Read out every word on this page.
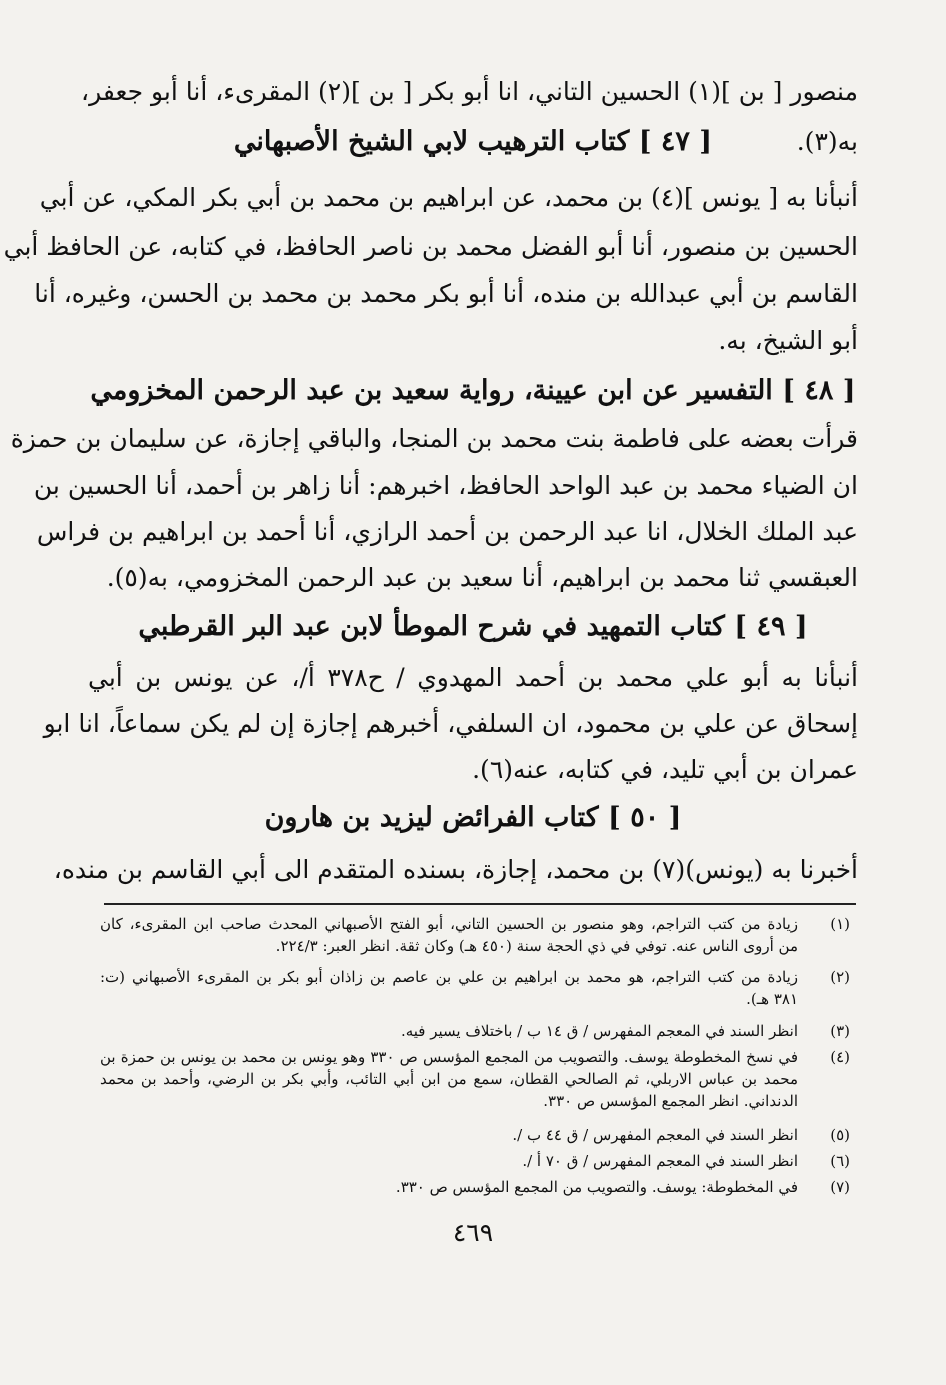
منصور [ بن ](١) الحسين التاني، انا أبو بكر [ بن ](٢) المقرىء، أنا أبو جعفر،
به(٣).
[ ٤٧ ] كتاب الترهيب لابي الشيخ الأصبهاني
أنبأنا به [ يونس ](٤) بن محمد، عن ابراهيم بن محمد بن أبي بكر المكي، عن أبي
الحسين بن منصور، أنا أبو الفضل محمد بن ناصر الحافظ، في كتابه، عن الحافظ أبي
القاسم بن أبي عبدالله بن منده، أنا أبو بكر محمد بن محمد بن الحسن، وغيره، أنا
أبو الشيخ، به.
[ ٤٨ ] التفسير عن ابن عيينة، رواية سعيد بن عبد الرحمن المخزومي
قرأت بعضه على فاطمة بنت محمد بن المنجا، والباقي إجازة، عن سليمان بن حمزة
ان الضياء محمد بن عبد الواحد الحافظ، اخبرهم: أنا زاهر بن أحمد، أنا الحسين بن
عبد الملك الخلال، انا عبد الرحمن بن أحمد الرازي، أنا أحمد بن ابراهيم بن فراس
العبقسي ثنا محمد بن ابراهيم، أنا سعيد بن عبد الرحمن المخزومي، به(٥).
[ ٤٩ ] كتاب التمهيد في شرح الموطأ لابن عبد البر القرطبي
أنبأنا به أبو علي محمد بن أحمد المهدوي / ح٣٧٨ أ/، عن يونس بن أبي
إسحاق عن علي بن محمود، ان السلفي، أخبرهم إجازة إن لم يكن سماعاً، انا ابو
عمران بن أبي تليد، في كتابه، عنه(٦).
[ ٥٠ ] كتاب الفرائض ليزيد بن هارون
أخبرنا به (يونس)(٧) بن محمد، إجازة، بسنده المتقدم الى أبي القاسم بن منده،
(١)
زيادة من كتب التراجم، وهو منصور بن الحسين التاني، أبو الفتح الأصبهاني المحدث صاحب ابن المقرىء، كان
من أروى الناس عنه. توفي في ذي الحجة سنة (٤٥٠ هـ) وكان ثقة. انظر العبر: ٢٢٤/٣.
(٢)
زيادة من كتب التراجم، هو محمد بن ابراهيم بن علي بن عاصم بن زاذان أبو بكر بن المقرىء الأصبهاني (ت:
٣٨١ هـ).
(٣)
انظر السند في المعجم المفهرس / ق ١٤ ب / باختلاف يسير فيه.
(٤)
في نسخ المخطوطة يوسف. والتصويب من المجمع المؤسس ص ٣٣٠ وهو يونس بن محمد بن يونس بن حمزة بن
محمد بن عباس الاربلي، ثم الصالحي القطان، سمع من ابن أبي التائب، وأبي بكر بن الرضي، وأحمد بن محمد
الدنداني. انظر المجمع المؤسس ص ٣٣٠.
(٥)
انظر السند في المعجم المفهرس / ق ٤٤ ب /.
(٦)
انظر السند في المعجم المفهرس / ق ٧٠ أ /.
(٧)
في المخطوطة: يوسف. والتصويب من المجمع المؤسس ص ٣٣٠.
٤٦٩
